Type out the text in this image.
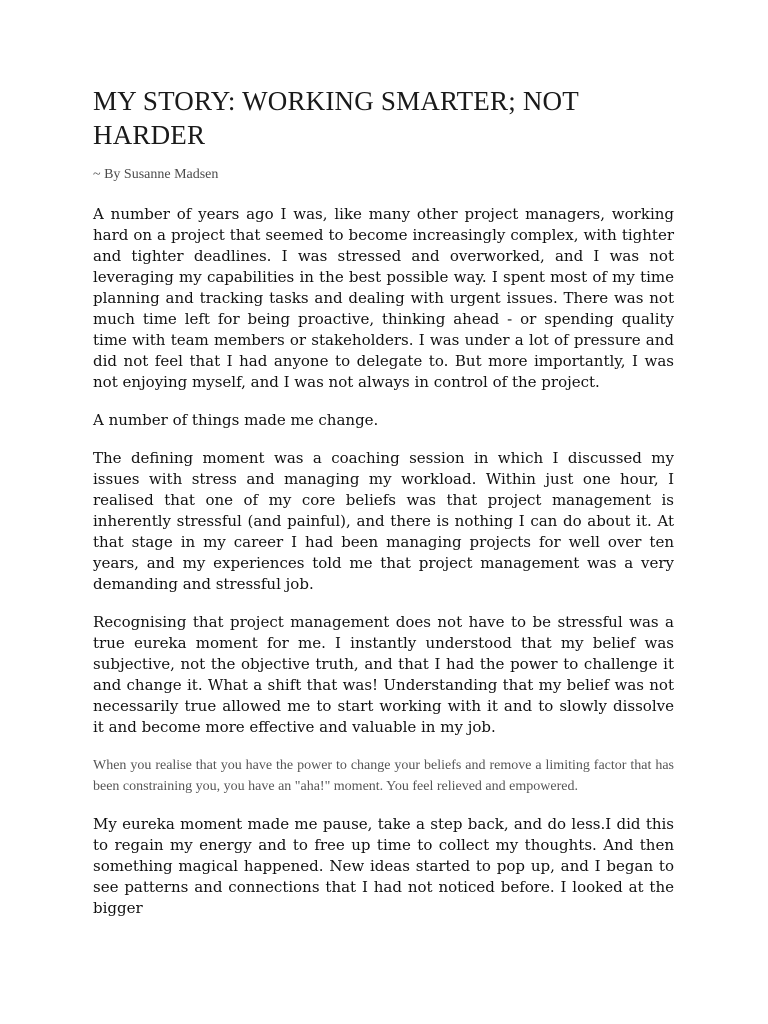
MY STORY: WORKING SMARTER; NOT HARDER

~ By Susanne Madsen

A number of years ago I was, like many other project managers, working hard on a project that seemed to become increasingly complex, with tighter and tighter deadlines. I was stressed and overworked, and I was not leveraging my capabilities in the best possible way. I spent most of my time planning and tracking tasks and dealing with urgent issues. There was not much time left for being proactive, thinking ahead - or spending quality time with team members or stakeholders. I was under a lot of pressure and did not feel that I had anyone to delegate to. But more importantly, I was not enjoying myself, and I was not always in control of the project.

A number of things made me change.

The defining moment was a coaching session in which I discussed my issues with stress and managing my workload. Within just one hour, I realised that one of my core beliefs was that project management is inherently stressful (and painful), and there is nothing I can do about it. At that stage in my career I had been managing projects for well over ten years, and my experiences told me that project management was a very demanding and stressful job.

Recognising that project management does not have to be stressful was a true eureka moment for me. I instantly understood that my belief was subjective, not the objective truth, and that I had the power to challenge it and change it. What a shift that was! Understanding that my belief was not necessarily true allowed me to start working with it and to slowly dissolve it and become more effective and valuable in my job.

When you realise that you have the power to change your beliefs and remove a limiting factor that has been constraining you, you have an "aha!" moment. You feel relieved and empowered.

My eureka moment made me pause, take a step back, and do less.I did this to regain my energy and to free up time to collect my thoughts. And then something magical happened. New ideas started to pop up, and I began to see patterns and connections that I had not noticed before. I looked at the bigger
